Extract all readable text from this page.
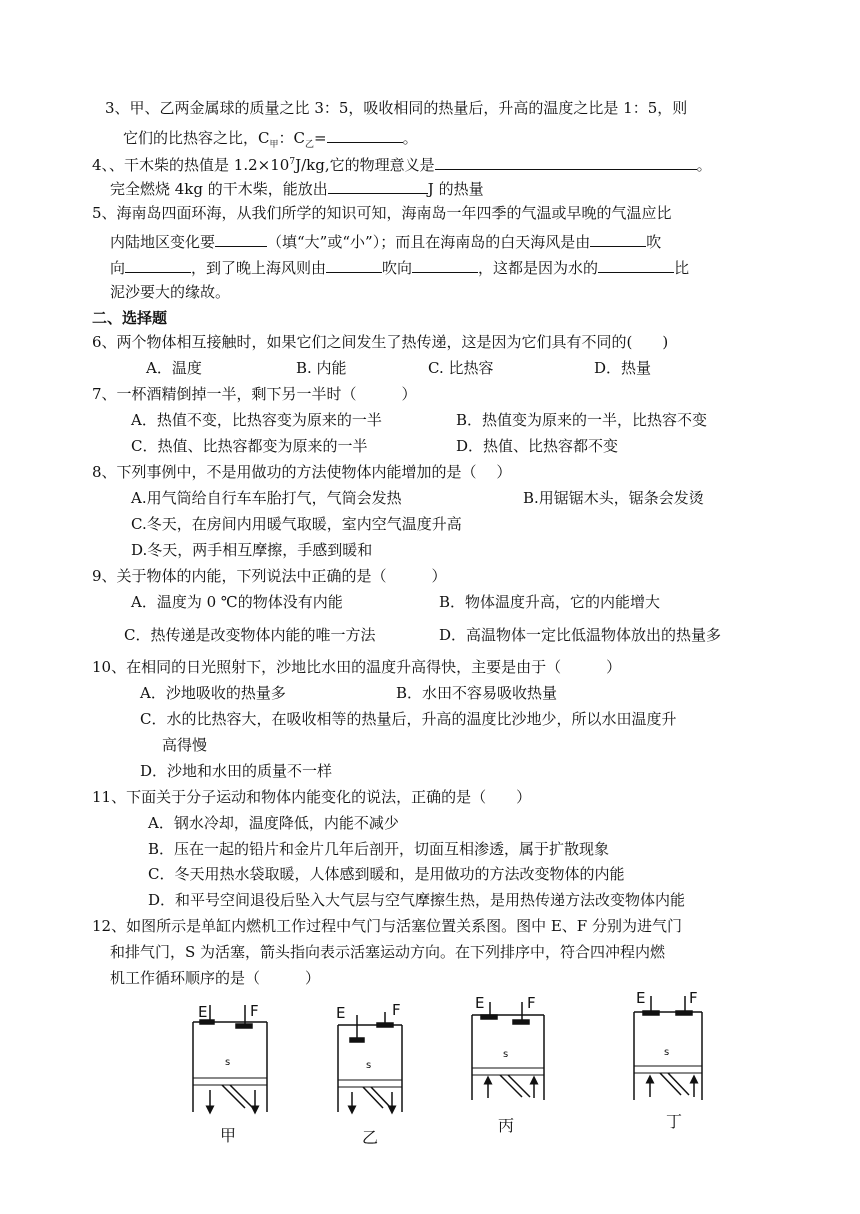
3、甲、乙两金属球的质量之比 3：5，吸收相同的热量后，升高的温度之比是 1：5，则
它们的比热容之比，$C_甲$：$C_乙=$	。
4、、干木柴的热值是 $1.2\times 10^7J/kg$,它的物理意义是	。
完全燃烧 4kg 的干木柴，能放出	J 的热量
5、海南岛四面环海，从我们所学的知识可知，海南岛一年四季的气温或早晚的气温应比
内陆地区变化要	（填“大”或“小”）；而且在海南岛的白天海风是由	吹
向	，到了晚上海风则由	吹向	，这都是因为水的	比
泥沙要大的缘故。
二、选择题
6、两个物体相互接触时，如果它们之间发生了热传递，这是因为它们具有不同的(　　)
A．温度	B. 内能	C. 比热容	D．热量
7、一杯酒精倒掉一半，剩下另一半时（　　　）
A．热值不变，比热容变为原来的一半	B．热值变为原来的一半，比热容不变
C．热值、比热容都变为原来的一半	D．热值、比热容都不变
8、下列事例中，不是用做功的方法使物体内能增加的是（　 ）
A.用气筒给自行车车胎打气，气筒会发热	B.用锯锯木头，锯条会发烫
C.冬天，在房间内用暖气取暖，室内空气温度升高
D.冬天，两手相互摩擦，手感到暖和
9、关于物体的内能，下列说法中正确的是（　　　）
A．温度为 0 ℃的物体没有内能	B．物体温度升高，它的内能增大
C．热传递是改变物体内能的唯一方法	D．高温物体一定比低温物体放出的热量多
10、在相同的日光照射下，沙地比水田的温度升高得快，主要是由于（　　　）
A．沙地吸收的热量多	B．水田不容易吸收热量
C．水的比热容大，在吸收相等的热量后，升高的温度比沙地少，所以水田温度升
高得慢
D．沙地和水田的质量不一样
11、下面关于分子运动和物体内能变化的说法，正确的是（　　）
A．钢水冷却，温度降低，内能不减少
B．压在一起的铅片和金片几年后剖开，切面互相渗透，属于扩散现象
C．冬天用热水袋取暖，人体感到暖和，是用做功的方法改变物体的内能
D．和平号空间退役后坠入大气层与空气摩擦生热，是用热传递方法改变物体内能
12、如图所示是单缸内燃机工作过程中气门与活塞位置关系图。图中 E、F 分别为进气门
和排气门，S 为活塞，箭头指向表示活塞运动方向。在下列排序中，符合四冲程内燃
机工作循环顺序的是（　　　）
E	F
s
甲
E	F
s
乙
E	F
s
丙
E	F
s
丁
